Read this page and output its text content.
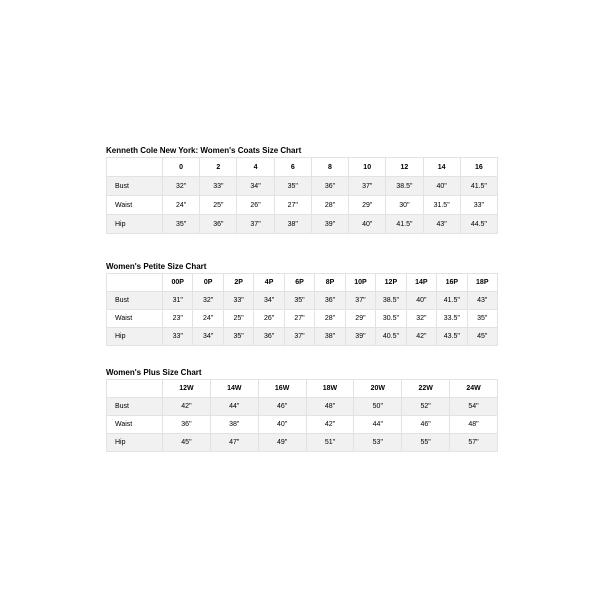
Kenneth Cole New York: Women's Coats Size Chart
	0	2	4	6	8	10	12	14	16
Bust	32"	33"	34"	35"	36"	37"	38.5"	40"	41.5"
Waist	24"	25"	26"	27"	28"	29"	30"	31.5"	33"
Hip	35"	36"	37"	38"	39"	40"	41.5"	43"	44.5"
Women's Petite Size Chart
	00P	0P	2P	4P	6P	8P	10P	12P	14P	16P	18P
Bust	31"	32"	33"	34"	35"	36"	37"	38.5"	40"	41.5"	43"
Waist	23"	24"	25"	26"	27"	28"	29"	30.5"	32"	33.5"	35"
Hip	33"	34"	35"	36"	37"	38"	39"	40.5"	42"	43.5"	45"
Women's Plus Size Chart
	12W	14W	16W	18W	20W	22W	24W
Bust	42"	44"	46"	48"	50"	52"	54"
Waist	36"	38"	40"	42"	44"	46"	48"
Hip	45"	47"	49"	51"	53"	55"	57"
